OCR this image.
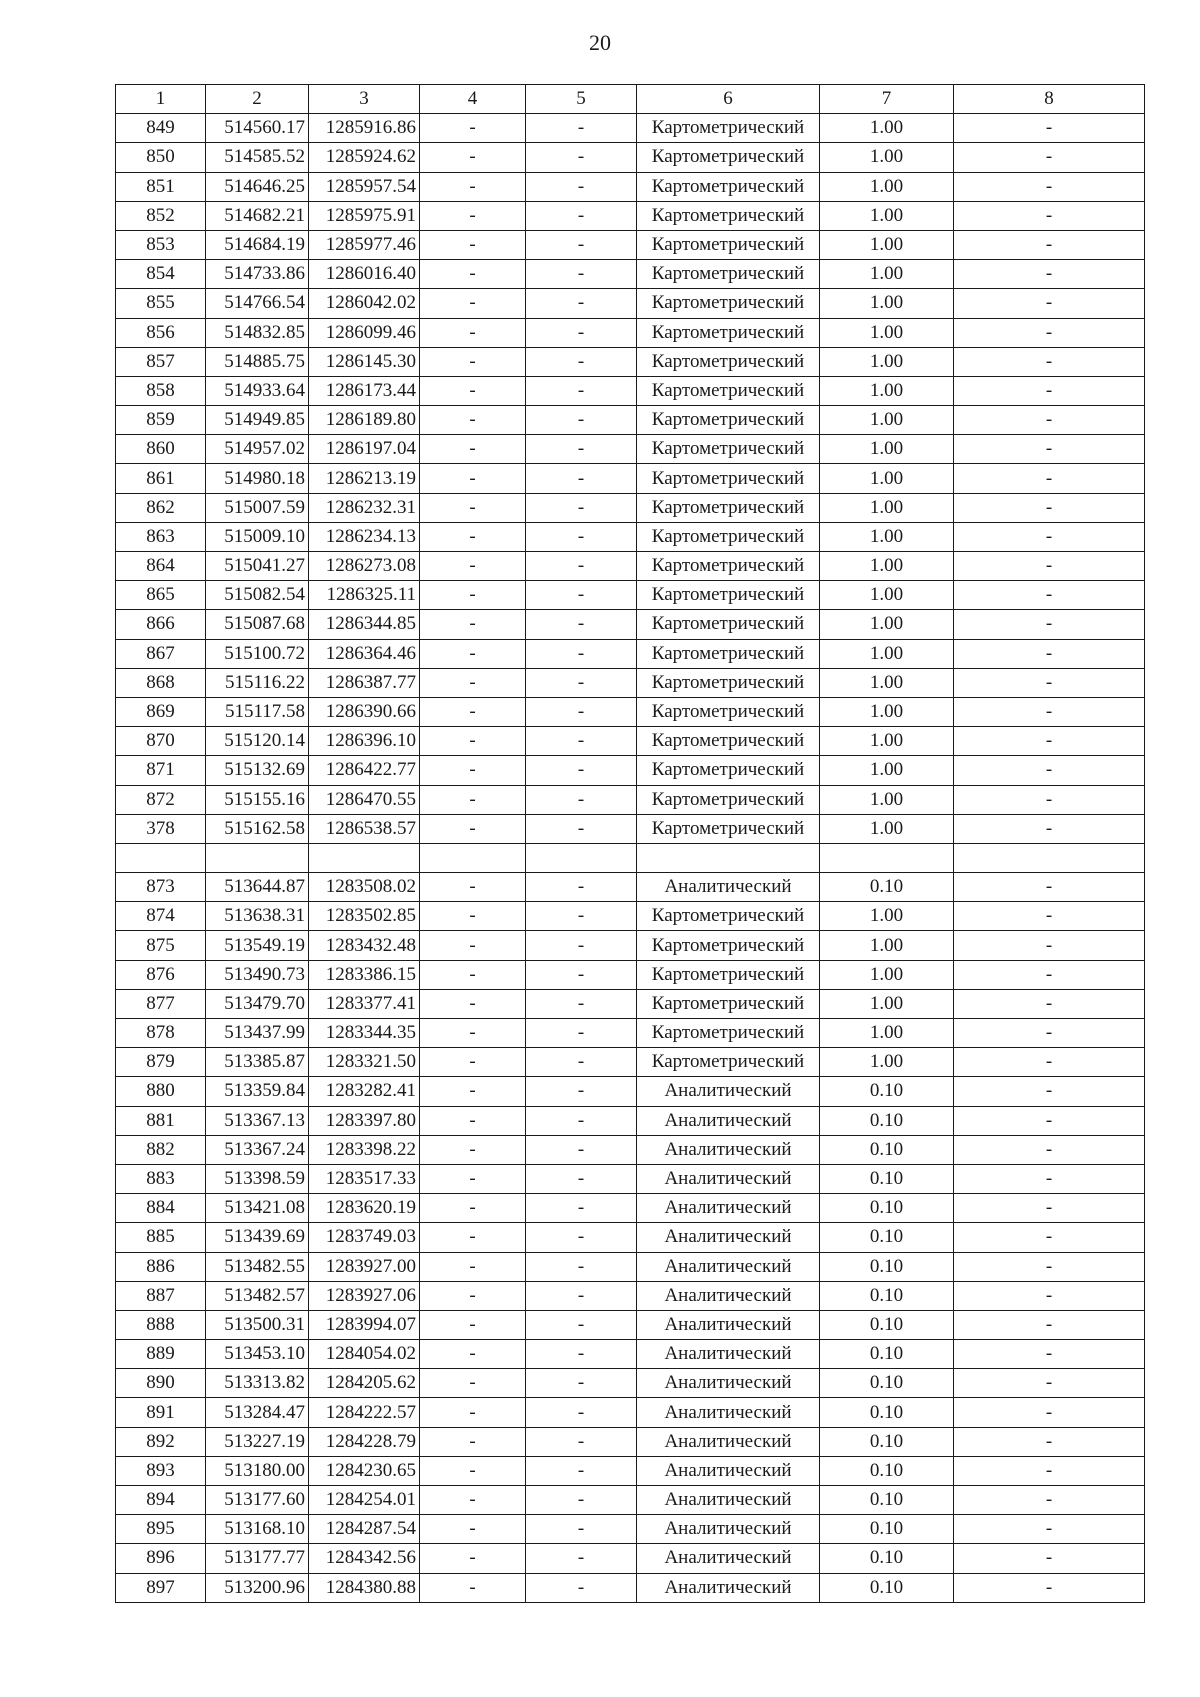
20
1	2	3	4	5	6	7	8
849	514560.17	1285916.86	-	-	Картометрический	1.00	-
850	514585.52	1285924.62	-	-	Картометрический	1.00	-
851	514646.25	1285957.54	-	-	Картометрический	1.00	-
852	514682.21	1285975.91	-	-	Картометрический	1.00	-
853	514684.19	1285977.46	-	-	Картометрический	1.00	-
854	514733.86	1286016.40	-	-	Картометрический	1.00	-
855	514766.54	1286042.02	-	-	Картометрический	1.00	-
856	514832.85	1286099.46	-	-	Картометрический	1.00	-
857	514885.75	1286145.30	-	-	Картометрический	1.00	-
858	514933.64	1286173.44	-	-	Картометрический	1.00	-
859	514949.85	1286189.80	-	-	Картометрический	1.00	-
860	514957.02	1286197.04	-	-	Картометрический	1.00	-
861	514980.18	1286213.19	-	-	Картометрический	1.00	-
862	515007.59	1286232.31	-	-	Картометрический	1.00	-
863	515009.10	1286234.13	-	-	Картометрический	1.00	-
864	515041.27	1286273.08	-	-	Картометрический	1.00	-
865	515082.54	1286325.11	-	-	Картометрический	1.00	-
866	515087.68	1286344.85	-	-	Картометрический	1.00	-
867	515100.72	1286364.46	-	-	Картометрический	1.00	-
868	515116.22	1286387.77	-	-	Картометрический	1.00	-
869	515117.58	1286390.66	-	-	Картометрический	1.00	-
870	515120.14	1286396.10	-	-	Картометрический	1.00	-
871	515132.69	1286422.77	-	-	Картометрический	1.00	-
872	515155.16	1286470.55	-	-	Картометрический	1.00	-
378	515162.58	1286538.57	-	-	Картометрический	1.00	-

873	513644.87	1283508.02	-	-	Аналитический	0.10	-
874	513638.31	1283502.85	-	-	Картометрический	1.00	-
875	513549.19	1283432.48	-	-	Картометрический	1.00	-
876	513490.73	1283386.15	-	-	Картометрический	1.00	-
877	513479.70	1283377.41	-	-	Картометрический	1.00	-
878	513437.99	1283344.35	-	-	Картометрический	1.00	-
879	513385.87	1283321.50	-	-	Картометрический	1.00	-
880	513359.84	1283282.41	-	-	Аналитический	0.10	-
881	513367.13	1283397.80	-	-	Аналитический	0.10	-
882	513367.24	1283398.22	-	-	Аналитический	0.10	-
883	513398.59	1283517.33	-	-	Аналитический	0.10	-
884	513421.08	1283620.19	-	-	Аналитический	0.10	-
885	513439.69	1283749.03	-	-	Аналитический	0.10	-
886	513482.55	1283927.00	-	-	Аналитический	0.10	-
887	513482.57	1283927.06	-	-	Аналитический	0.10	-
888	513500.31	1283994.07	-	-	Аналитический	0.10	-
889	513453.10	1284054.02	-	-	Аналитический	0.10	-
890	513313.82	1284205.62	-	-	Аналитический	0.10	-
891	513284.47	1284222.57	-	-	Аналитический	0.10	-
892	513227.19	1284228.79	-	-	Аналитический	0.10	-
893	513180.00	1284230.65	-	-	Аналитический	0.10	-
894	513177.60	1284254.01	-	-	Аналитический	0.10	-
895	513168.10	1284287.54	-	-	Аналитический	0.10	-
896	513177.77	1284342.56	-	-	Аналитический	0.10	-
897	513200.96	1284380.88	-	-	Аналитический	0.10	-
